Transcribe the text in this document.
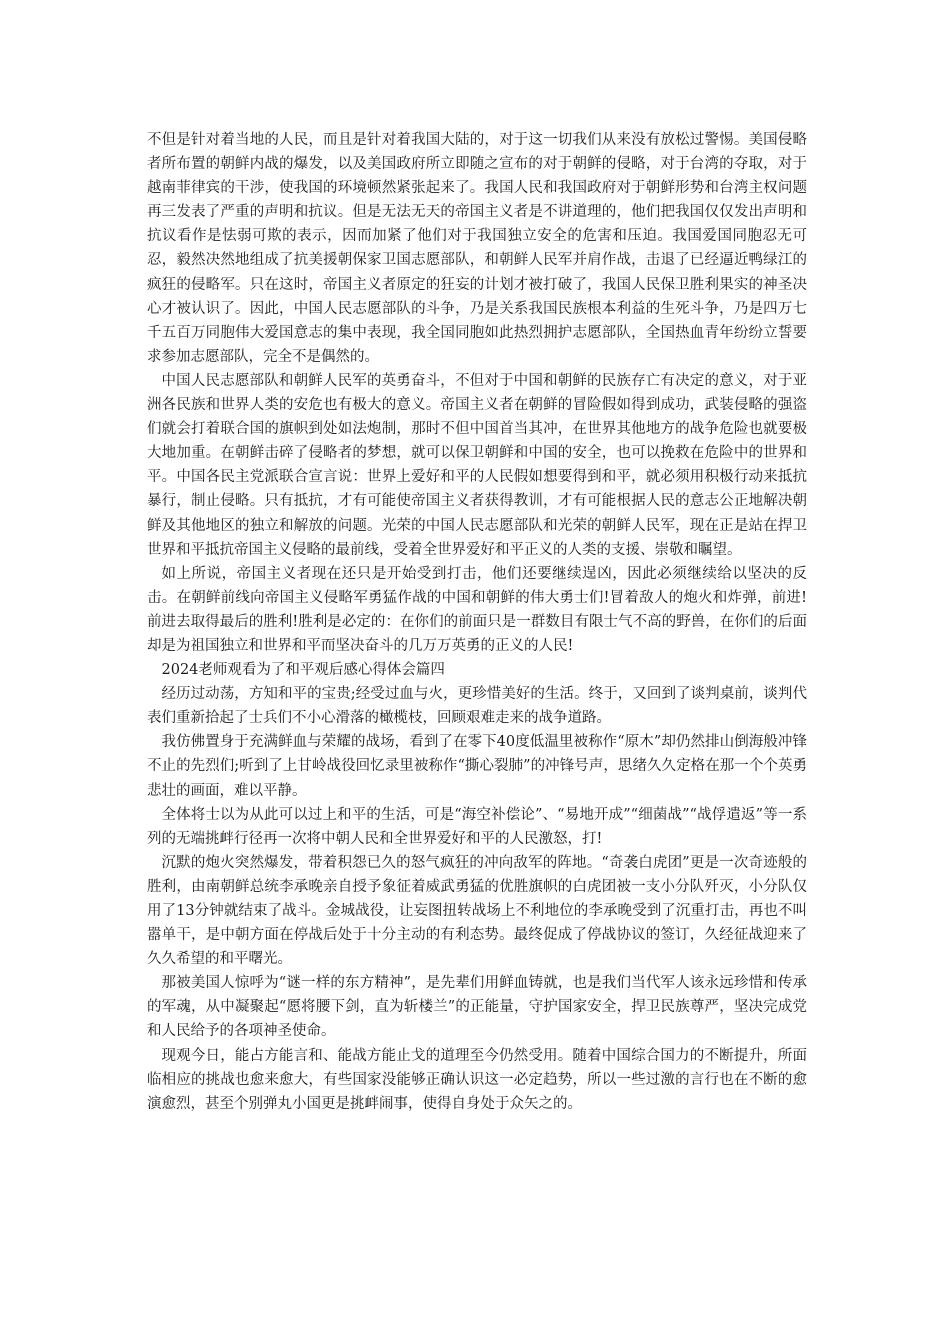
不但是针对着当地的人民，而且是针对着我国大陆的，对于这一切我们从来没有放松过警惕。美国侵略者所布置的朝鲜内战的爆发，以及美国政府所立即随之宣布的对于朝鲜的侵略，对于台湾的夺取，对于越南菲律宾的干涉，使我国的环境顿然紧张起来了。我国人民和我国政府对于朝鲜形势和台湾主权问题再三发表了严重的声明和抗议。但是无法无天的帝国主义者是不讲道理的，他们把我国仅仅发出声明和抗议看作是怯弱可欺的表示，因而加紧了他们对于我国独立安全的危害和压迫。我国爱国同胞忍无可忍，毅然决然地组成了抗美援朝保家卫国志愿部队，和朝鲜人民军并肩作战，击退了已经逼近鸭绿江的疯狂的侵略军。只在这时，帝国主义者原定的狂妄的计划才被打破了，我国人民保卫胜利果实的神圣决心才被认识了。因此，中国人民志愿部队的斗争，乃是关系我国民族根本利益的生死斗争，乃是四万七千五百万同胞伟大爱国意志的集中表现，我全国同胞如此热烈拥护志愿部队，全国热血青年纷纷立誓要求参加志愿部队，完全不是偶然的。

中国人民志愿部队和朝鲜人民军的英勇奋斗，不但对于中国和朝鲜的民族存亡有决定的意义，对于亚洲各民族和世界人类的安危也有极大的意义。帝国主义者在朝鲜的冒险假如得到成功，武装侵略的强盗们就会打着联合国的旗帜到处如法炮制，那时不但中国首当其冲，在世界其他地方的战争危险也就要极大地加重。在朝鲜击碎了侵略者的梦想，就可以保卫朝鲜和中国的安全，也可以挽救在危险中的世界和平。中国各民主党派联合宣言说：世界上爱好和平的人民假如想要得到和平，就必须用积极行动来抵抗暴行，制止侵略。只有抵抗，才有可能使帝国主义者获得教训，才有可能根据人民的意志公正地解决朝鲜及其他地区的独立和解放的问题。光荣的中国人民志愿部队和光荣的朝鲜人民军，现在正是站在捍卫世界和平抵抗帝国主义侵略的最前线，受着全世界爱好和平正义的人类的支援、崇敬和瞩望。

如上所说，帝国主义者现在还只是开始受到打击，他们还要继续逞凶，因此必须继续给以坚决的反击。在朝鲜前线向帝国主义侵略军勇猛作战的中国和朝鲜的伟大勇士们!冒着敌人的炮火和炸弹，前进!前进去取得最后的胜利!胜利是必定的：在你们的前面只是一群数目有限士气不高的野兽，在你们的后面却是为祖国独立和世界和平而坚决奋斗的几万万英勇的正义的人民!

2024老师观看为了和平观后感心得体会篇四

经历过动荡，方知和平的宝贵;经受过血与火，更珍惜美好的生活。终于，又回到了谈判桌前，谈判代表们重新拾起了士兵们不小心滑落的橄榄枝，回顾艰难走来的战争道路。

我仿佛置身于充满鲜血与荣耀的战场，看到了在零下40度低温里被称作“原木”却仍然排山倒海般冲锋不止的先烈们;听到了上甘岭战役回忆录里被称作“撕心裂肺”的冲锋号声，思绪久久定格在那一个个英勇悲壮的画面，难以平静。

全体将士以为从此可以过上和平的生活，可是“海空补偿论”、“易地开成”“细菌战”“战俘遣返”等一系列的无端挑衅行径再一次将中朝人民和全世界爱好和平的人民激怒，打!

沉默的炮火突然爆发，带着积怨已久的怒气疯狂的冲向敌军的阵地。“奇袭白虎团”更是一次奇迹般的胜利，由南朝鲜总统李承晚亲自授予象征着威武勇猛的优胜旗帜的白虎团被一支小分队歼灭，小分队仅用了13分钟就结束了战斗。金城战役，让妄图扭转战场上不利地位的李承晚受到了沉重打击，再也不叫嚣单干，是中朝方面在停战后处于十分主动的有利态势。最终促成了停战协议的签订，久经征战迎来了久久希望的和平曙光。

那被美国人惊呼为“谜一样的东方精神”，是先辈们用鲜血铸就，也是我们当代军人该永远珍惜和传承的军魂，从中凝聚起“愿将腰下剑，直为斩楼兰”的正能量，守护国家安全，捍卫民族尊严，坚决完成党和人民给予的各项神圣使命。

现观今日，能占方能言和、能战方能止戈的道理至今仍然受用。随着中国综合国力的不断提升，所面临相应的挑战也愈来愈大，有些国家没能够正确认识这一必定趋势，所以一些过激的言行也在不断的愈演愈烈，甚至个别弹丸小国更是挑衅闹事，使得自身处于众矢之的。
